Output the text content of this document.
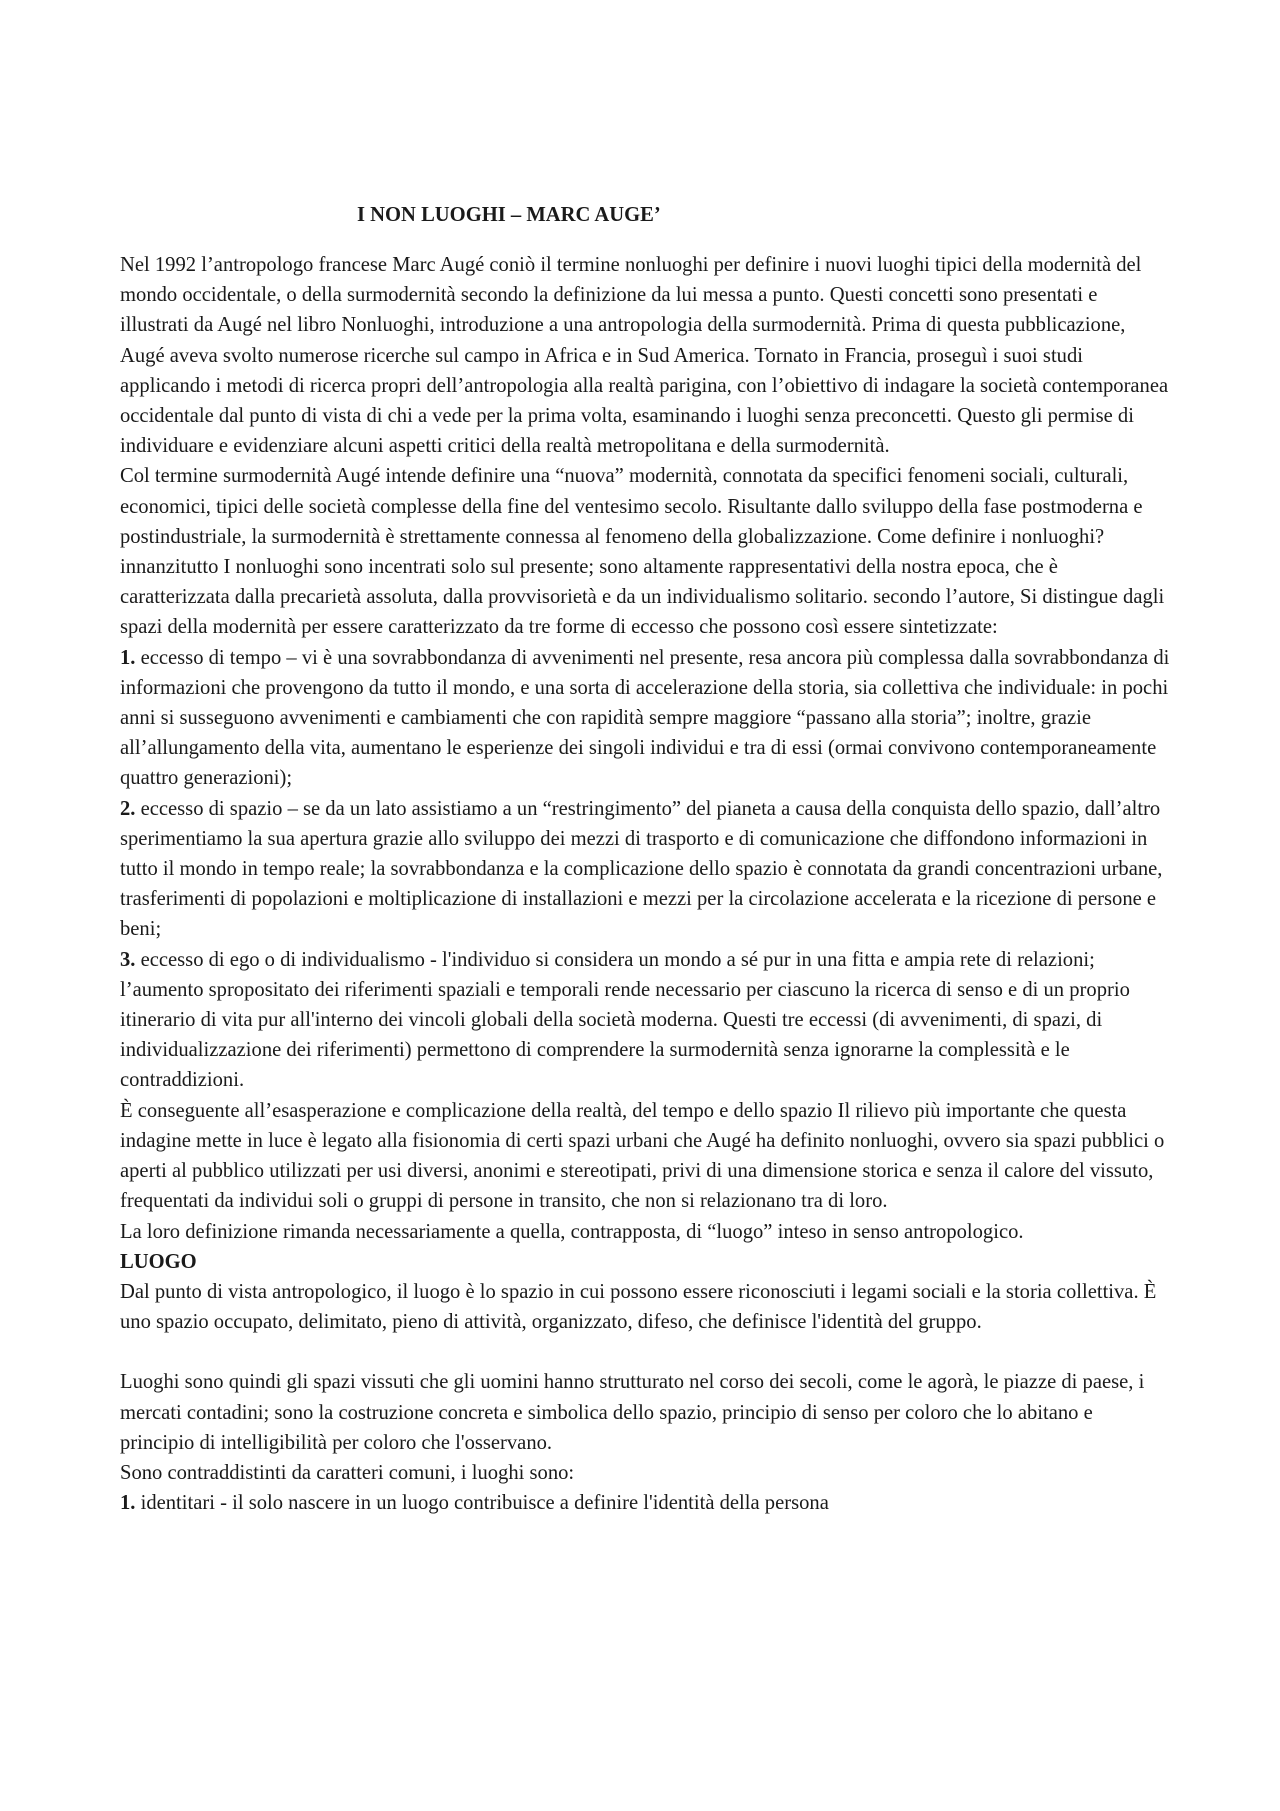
I NON LUOGHI – MARC AUGE’

Nel 1992 l’antropologo francese Marc Augé coniò il termine nonluoghi per definire i nuovi luoghi tipici della modernità del mondo occidentale, o della surmodernità secondo la definizione da lui messa a punto. Questi concetti sono presentati e illustrati da Augé nel libro Nonluoghi, introduzione a una antropologia della surmodernità. Prima di questa pubblicazione, Augé aveva svolto numerose ricerche sul campo in Africa e in Sud America. Tornato in Francia, proseguì i suoi studi applicando i metodi di ricerca propri dell’antropologia alla realtà parigina, con l’obiettivo di indagare la società contemporanea occidentale dal punto di vista di chi a vede per la prima volta, esaminando i luoghi senza preconcetti. Questo gli permise di individuare e evidenziare alcuni aspetti critici della realtà metropolitana e della surmodernità.

Col termine surmodernità Augé intende definire una “nuova” modernità, connotata da specifici fenomeni sociali, culturali, economici, tipici delle società complesse della fine del ventesimo secolo. Risultante dallo sviluppo della fase postmoderna e postindustriale, la surmodernità è strettamente connessa al fenomeno della globalizzazione. Come definire i nonluoghi? innanzitutto I nonluoghi sono incentrati solo sul presente; sono altamente rappresentativi della nostra epoca, che è caratterizzata dalla precarietà assoluta, dalla provvisorietà e da un individualismo solitario. secondo l’autore, Si distingue dagli spazi della modernità per essere caratterizzato da tre forme di eccesso che possono così essere sintetizzate:

1. eccesso di tempo – vi è una sovrabbondanza di avvenimenti nel presente, resa ancora più complessa dalla sovrabbondanza di informazioni che provengono da tutto il mondo, e una sorta di accelerazione della storia, sia collettiva che individuale: in pochi anni si susseguono avvenimenti e cambiamenti che con rapidità sempre maggiore “passano alla storia”; inoltre, grazie all’allungamento della vita, aumentano le esperienze dei singoli individui e tra di essi (ormai convivono contemporaneamente quattro generazioni);

2. eccesso di spazio – se da un lato assistiamo a un “restringimento” del pianeta a causa della conquista dello spazio, dall’altro sperimentiamo la sua apertura grazie allo sviluppo dei mezzi di trasporto e di comunicazione che diffondono informazioni in tutto il mondo in tempo reale; la sovrabbondanza e la complicazione dello spazio è connotata da grandi concentrazioni urbane, trasferimenti di popolazioni e moltiplicazione di installazioni e mezzi per la circolazione accelerata e la ricezione di persone e beni;

3. eccesso di ego o di individualismo - l'individuo si considera un mondo a sé pur in una fitta e ampia rete di relazioni; l’aumento spropositato dei riferimenti spaziali e temporali rende necessario per ciascuno la ricerca di senso e di un proprio itinerario di vita pur all'interno dei vincoli globali della società moderna. Questi tre eccessi (di avvenimenti, di spazi, di individualizzazione dei riferimenti) permettono di comprendere la surmodernità senza ignorarne la complessità e le contraddizioni.

È conseguente all’esasperazione e complicazione della realtà, del tempo e dello spazio Il rilievo più importante che questa indagine mette in luce è legato alla fisionomia di certi spazi urbani che Augé ha definito nonluoghi, ovvero sia spazi pubblici o aperti al pubblico utilizzati per usi diversi, anonimi e stereotipati, privi di una dimensione storica e senza il calore del vissuto, frequentati da individui soli o gruppi di persone in transito, che non si relazionano tra di loro.

La loro definizione rimanda necessariamente a quella, contrapposta, di “luogo” inteso in senso antropologico.

LUOGO

Dal punto di vista antropologico, il luogo è lo spazio in cui possono essere riconosciuti i legami sociali e la storia collettiva. È uno spazio occupato, delimitato, pieno di attività, organizzato, difeso, che definisce l'identità del gruppo.

Luoghi sono quindi gli spazi vissuti che gli uomini hanno strutturato nel corso dei secoli, come le agorà, le piazze di paese, i mercati contadini; sono la costruzione concreta e simbolica dello spazio, principio di senso per coloro che lo abitano e principio di intelligibilità per coloro che l'osservano.

Sono contraddistinti da caratteri comuni, i luoghi sono:

1. identitari - il solo nascere in un luogo contribuisce a definire l'identità della persona
